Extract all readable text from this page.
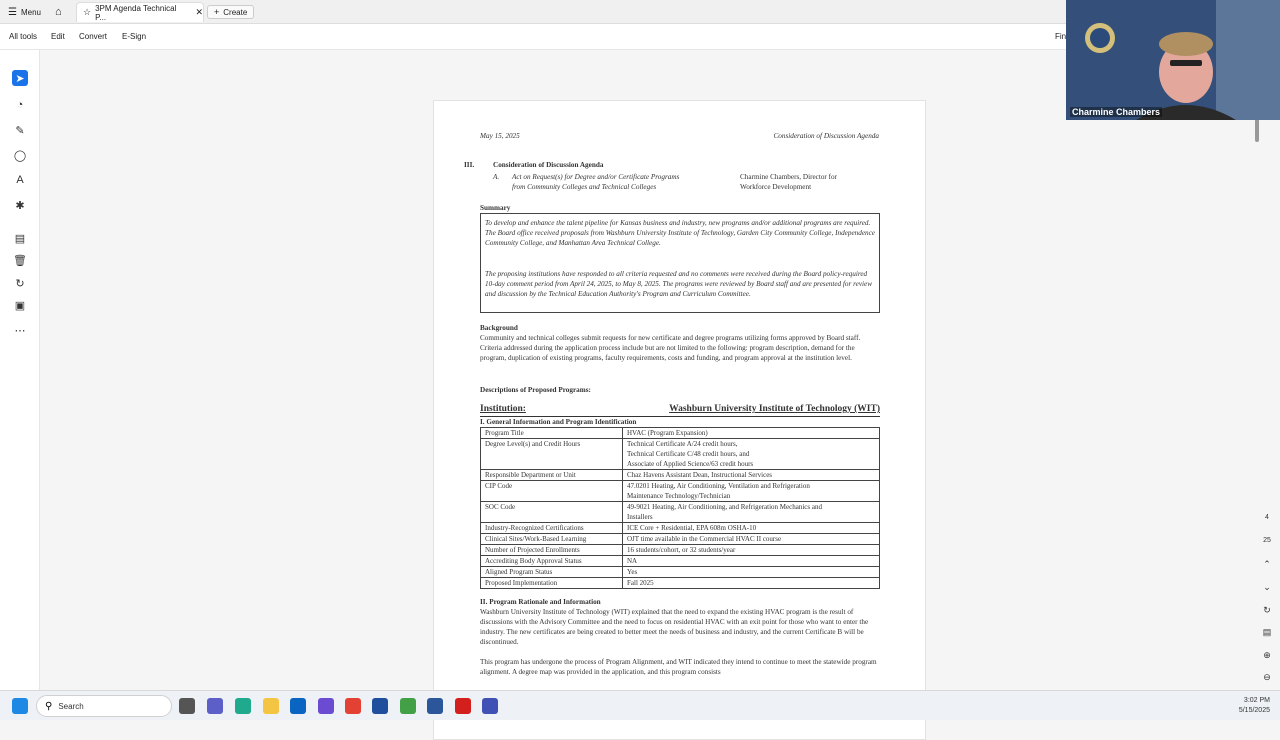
☰ Menu ⌂ ☆ 3PM Agenda Technical P...	✕ + Create
All tools Edit Convert E-Sign	Fin
➤
◔
✎
◯
A
✱
▤
🗑
↻
▣
⋯
May 15, 2025	Consideration of Discussion Agenda
III.	Consideration of Discussion Agenda
A. Act on Request(s) for Degree and/or Certificate Programs
from Community Colleges and Technical Colleges
Charmine Chambers, Director for
Workforce Development
Summary

To develop and enhance the talent pipeline for Kansas business and industry, new programs and/or additional programs are required. The Board office received proposals from Washburn University Institute of Technology, Garden City Community College, Independence Community College, and Manhattan Area Technical College.

The proposing institutions have responded to all criteria requested and no comments were received during the Board policy-required 10-day comment period from April 24, 2025, to May 8, 2025. The programs were reviewed by Board staff and are presented for review and discussion by the Technical Education Authority's Program and Curriculum Committee.

Background
Community and technical colleges submit requests for new certificate and degree programs utilizing forms approved by Board staff. Criteria addressed during the application process include but are not limited to the following: program description, demand for the program, duplication of existing programs, faculty requirements, costs and funding, and program approval at the institution level.
Descriptions of Proposed Programs:
Institution:	Washburn University Institute of Technology (WIT)
I. General Information and Program Identification
Program Title	HVAC (Program Expansion)
Degree Level(s) and Credit Hours	Technical Certificate A/24 credit hours,
Technical Certificate C/48 credit hours, and
Associate of Applied Science/63 credit hours
Responsible Department or Unit	Chaz Havens Assistant Dean, Instructional Services
CIP Code	47.0201 Heating, Air Conditioning, Ventilation and Refrigeration
Maintenance Technology/Technician
SOC Code	49-9021 Heating, Air Conditioning, and Refrigeration Mechanics and
Installers
Industry-Recognized Certifications	ICE Core + Residential, EPA 608m OSHA-10
Clinical Sites/Work-Based Learning	OJT time available in the Commercial HVAC II course
Number of Projected Enrollments	16 students/cohort, or 32 students/year
Accrediting Body Approval Status	NA
Aligned Program Status	Yes
Proposed Implementation	Fall 2025
II. Program Rationale and Information
Washburn University Institute of Technology (WIT) explained that the need to expand the existing HVAC program is the result of discussions with the Advisory Committee and the need to focus on residential HVAC with an exit point for those who want to enter the industry. The new certificates are being created to better meet the needs of business and industry, and the current Certificate B will be discontinued.
This program has undergone the process of Program Alignment, and WIT indicated they intend to continue to meet the statewide program alignment. A degree map was provided in the application, and this program consists
4
25
⌃
⌄
↻
▤
⊕
⊖
Charmine Chambers
⚲ Search
3:02 PM
5/15/2025
